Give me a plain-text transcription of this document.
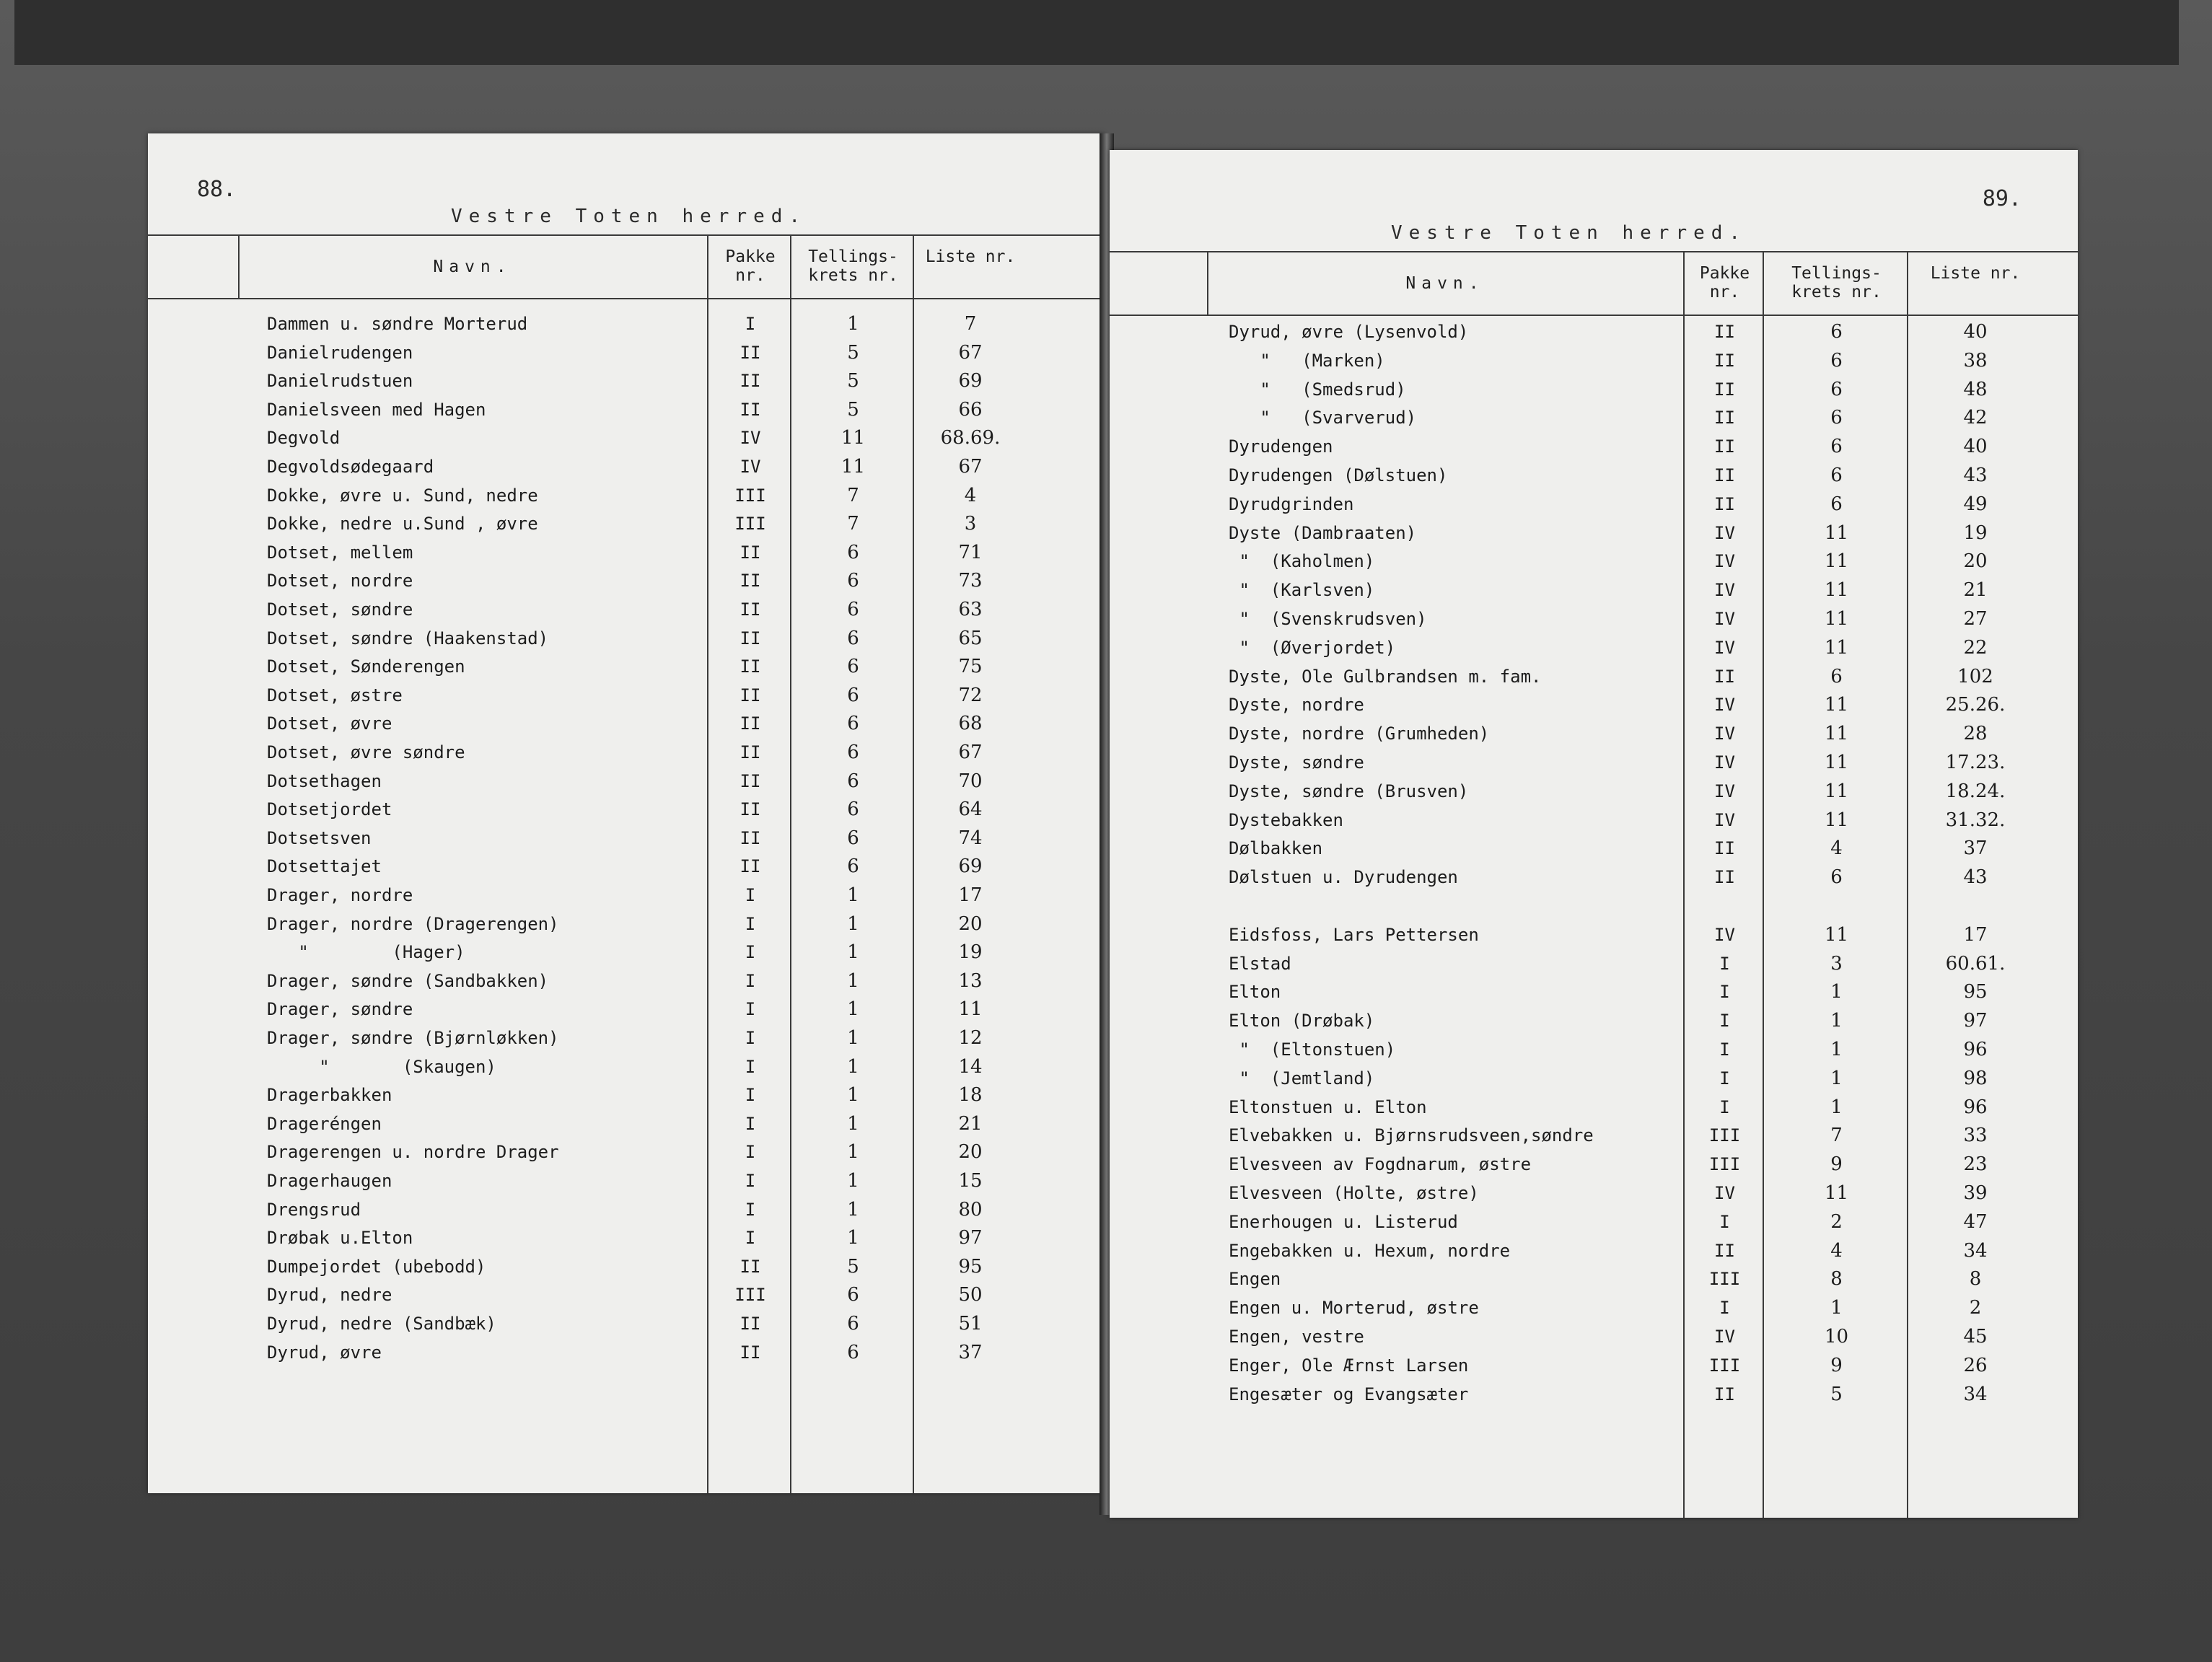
88.
Vestre Toten herred.
Navn.
Pakke nr.
Tellings- krets nr.
Liste nr.
Dammen u. søndre Morterud	I	1	7
Danielrudengen	II	5	67
Danielrudstuen	II	5	69
Danielsveen med Hagen	II	5	66
Degvold	IV	11	68.69.
Degvoldsødegaard	IV	11	67
Dokke, øvre u. Sund, nedre	III	7	4
Dokke, nedre u.Sund , øvre	III	7	3
Dotset, mellem	II	6	71
Dotset, nordre	II	6	73
Dotset, søndre	II	6	63
Dotset, søndre (Haakenstad)	II	6	65
Dotset, Sønderengen	II	6	75
Dotset, østre	II	6	72
Dotset, øvre	II	6	68
Dotset, øvre søndre	II	6	67
Dotsethagen	II	6	70
Dotsetjordet	II	6	64
Dotsetsven	II	6	74
Dotsettajet	II	6	69
Drager, nordre	I	1	17
Drager, nordre (Dragerengen)	I	1	20
"        (Hager)	I	1	19
Drager, søndre (Sandbakken)	I	1	13
Drager, søndre	I	1	11
Drager, søndre (Bjørnløkken)	I	1	12
"       (Skaugen)	I	1	14
Dragerbakken	I	1	18
Drageréngen	I	1	21
Dragerengen u. nordre Drager	I	1	20
Dragerhaugen	I	1	15
Drengsrud	I	1	80
Drøbak u.Elton	I	1	97
Dumpejordet (ubebodd)	II	5	95
Dyrud, nedre	III	6	50
Dyrud, nedre (Sandbæk)	II	6	51
Dyrud, øvre	II	6	37
89.
Vestre Toten herred.
Navn.
Pakke nr.
Tellings- krets nr.
Liste nr.
Dyrud, øvre (Lysenvold)	II	6	40
"   (Marken)	II	6	38
"   (Smedsrud)	II	6	48
"   (Svarverud)	II	6	42
Dyrudengen	II	6	40
Dyrudengen (Dølstuen)	II	6	43
Dyrudgrinden	II	6	49
Dyste (Dambraaten)	IV	11	19
"  (Kaholmen)	IV	11	20
"  (Karlsven)	IV	11	21
"  (Svenskrudsven)	IV	11	27
"  (Øverjordet)	IV	11	22
Dyste, Ole Gulbrandsen m. fam.	II	6	102
Dyste, nordre	IV	11	25.26.
Dyste, nordre (Grumheden)	IV	11	28
Dyste, søndre	IV	11	17.23.
Dyste, søndre (Brusven)	IV	11	18.24.
Dystebakken	IV	11	31.32.
Dølbakken	II	4	37
Dølstuen u. Dyrudengen	II	6	43
Eidsfoss, Lars Pettersen	IV	11	17
Elstad	I	3	60.61.
Elton	I	1	95
Elton (Drøbak)	I	1	97
"  (Eltonstuen)	I	1	96
"  (Jemtland)	I	1	98
Eltonstuen u. Elton	I	1	96
Elvebakken u. Bjørnsrudsveen,søndre	III	7	33
Elvesveen av Fogdnarum, østre	III	9	23
Elvesveen (Holte, østre)	IV	11	39
Enerhougen u. Listerud	I	2	47
Engebakken u. Hexum, nordre	II	4	34
Engen	III	8	8
Engen u. Morterud, østre	I	1	2
Engen, vestre	IV	10	45
Enger, Ole Ærnst Larsen	III	9	26
Engesæter og Evangsæter	II	5	34
